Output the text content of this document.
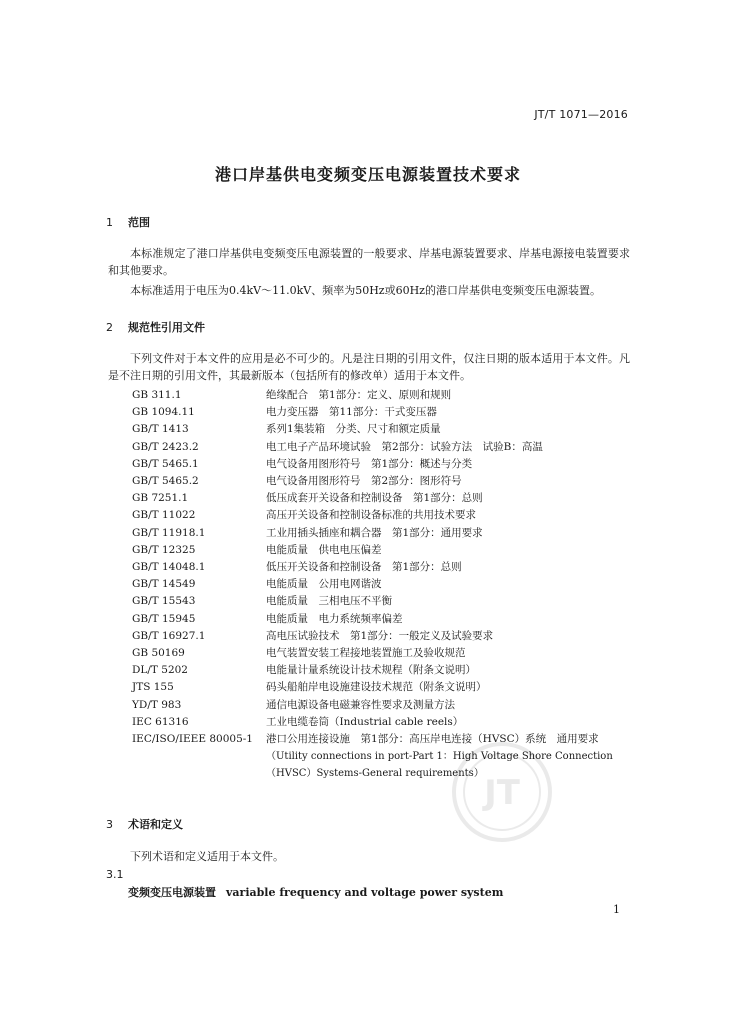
JT/T 1071—2016
港口岸基供电变频变压电源装置技术要求
1 范围

本标准规定了港口岸基供电变频变压电源装置的一般要求、岸基电源装置要求、岸基电源接电装置要求和其他要求。

本标准适用于电压为0.4kV～11.0kV、频率为50Hz或60Hz的港口岸基供电变频变压电源装置。

2 规范性引用文件

下列文件对于本文件的应用是必不可少的。凡是注日期的引用文件，仅注日期的版本适用于本文件。凡是不注日期的引用文件，其最新版本（包括所有的修改单）适用于本文件。

GB 311.1	绝缘配合　第1部分：定义、原则和规则
GB 1094.11	电力变压器　第11部分：干式变压器
GB/T 1413	系列1集装箱　分类、尺寸和额定质量
GB/T 2423.2	电工电子产品环境试验　第2部分：试验方法　试验B：高温
GB/T 5465.1	电气设备用图形符号　第1部分：概述与分类
GB/T 5465.2	电气设备用图形符号　第2部分：图形符号
GB 7251.1	低压成套开关设备和控制设备　第1部分：总则
GB/T 11022	高压开关设备和控制设备标准的共用技术要求
GB/T 11918.1	工业用插头插座和耦合器　第1部分：通用要求
GB/T 12325	电能质量　供电电压偏差
GB/T 14048.1	低压开关设备和控制设备　第1部分：总则
GB/T 14549	电能质量　公用电网谐波
GB/T 15543	电能质量　三相电压不平衡
GB/T 15945	电能质量　电力系统频率偏差
GB/T 16927.1	高电压试验技术　第1部分：一般定义及试验要求
GB 50169	电气装置安装工程接地装置施工及验收规范
DL/T 5202	电能量计量系统设计技术规程（附条文说明）
JTS 155	码头船舶岸电设施建设技术规范（附条文说明）
YD/T 983	通信电源设备电磁兼容性要求及测量方法
IEC 61316	工业电缆卷筒（Industrial cable reels）
IEC/ISO/IEEE 80005-1	港口公用连接设施　第1部分：高压岸电连接（HVSC）系统　通用要求
（Utility connections in port-Part 1：High Voltage Shore Connection（HVSC）Systems-General requirements） JT
3 术语和定义

下列术语和定义适用于本文件。

3.1
变频变压电源装置 variable frequency and voltage power system
1
